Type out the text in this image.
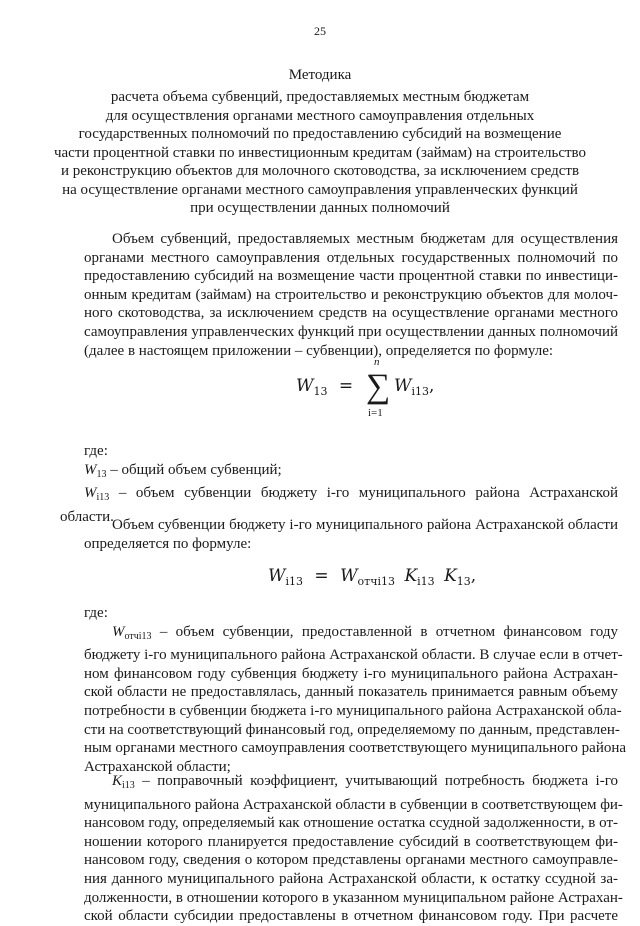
25
Методика
расчета объема субвенций, предоставляемых местным бюджетам
для осуществления органами местного самоуправления отдельных
государственных полномочий по предоставлению субсидий на возмещение
части процентной ставки по инвестиционным кредитам (займам) на строительство
и реконструкцию объектов для молочного скотоводства, за исключением средств
на осуществление органами местного самоуправления управленческих функций
при осуществлении данных полномочий
Объем субвенций, предоставляемых местным бюджетам для осуществления
органами местного самоуправления отдельных государственных полномочий по
предоставлению субсидий на возмещение части процентной ставки по инвестици-
онным кредитам (займам) на строительство и реконструкцию объектов для молоч-
ного скотоводства, за исключением средств на осуществление органами местного
самоуправления управленческих функций при осуществлении данных полномочий
(далее в настоящем приложении – субвенции), определяется по формуле:
$W_{13}$ = ∑
n
i=1
$W_{i13}$,
где:
$W_{13}$ – общий объем субвенций;
$W_{i13}$ – объем субвенции бюджету i-го муниципального района Астраханской
области.
Объем субвенции бюджету i-го муниципального района Астраханской области
определяется по формуле:
$W_{i13} = W_{отчi13}$ $K_{i13}$ $K_{13}$,
где:
$W_{отчi13}$ – объем субвенции, предоставленной в отчетном финансовом году
бюджету i-го муниципального района Астраханской области. В случае если в отчет-
ном финансовом году субвенция бюджету i-го муниципального района Астрахан-
ской области не предоставлялась, данный показатель принимается равным объему
потребности в субвенции бюджета i-го муниципального района Астраханской обла-
сти на соответствующий финансовый год, определяемому по данным, представлен-
ным органами местного самоуправления соответствующего муниципального района
Астраханской области;
$K_{i13}$ – поправочный коэффициент, учитывающий потребность бюджета i-го
муниципального района Астраханской области в субвенции в соответствующем фи-
нансовом году, определяемый как отношение остатка ссудной задолженности, в от-
ношении которого планируется предоставление субсидий в соответствующем фи-
нансовом году, сведения о котором представлены органами местного самоуправле-
ния данного муниципального района Астраханской области, к остатку ссудной за-
долженности, в отношении которого в указанном муниципальном районе Астрахан-
ской области субсидии предоставлены в отчетном финансовом году. При расчете
